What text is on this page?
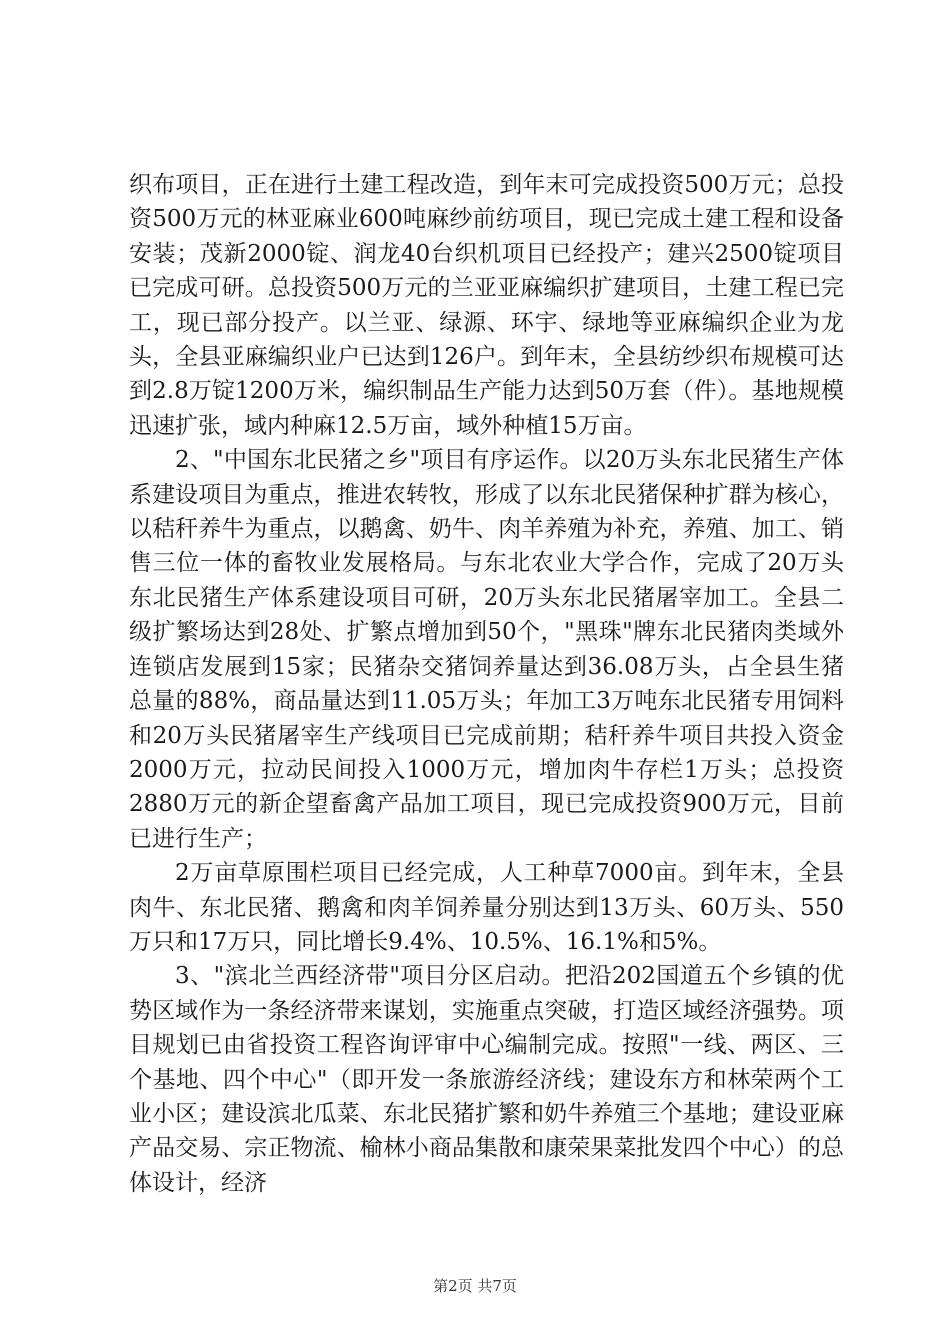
织布项目，正在进行土建工程改造，到年末可完成投资500万元；总投资500万元的林亚麻业600吨麻纱前纺项目，现已完成土建工程和设备安装；茂新2000锭、润龙40台织机项目已经投产；建兴2500锭项目已完成可研。总投资500万元的兰亚亚麻编织扩建项目，土建工程已完工，现已部分投产。以兰亚、绿源、环宇、绿地等亚麻编织企业为龙头，全县亚麻编织业户已达到126户。到年末，全县纺纱织布规模可达到2.8万锭1200万米，编织制品生产能力达到50万套（件）。基地规模迅速扩张，域内种麻12.5万亩，域外种植15万亩。

2、"中国东北民猪之乡"项目有序运作。以20万头东北民猪生产体系建设项目为重点，推进农转牧，形成了以东北民猪保种扩群为核心，以秸秆养牛为重点，以鹅禽、奶牛、肉羊养殖为补充，养殖、加工、销售三位一体的畜牧业发展格局。与东北农业大学合作，完成了20万头东北民猪生产体系建设项目可研，20万头东北民猪屠宰加工。全县二级扩繁场达到28处、扩繁点增加到50个，"黑珠"牌东北民猪肉类域外连锁店发展到15家；民猪杂交猪饲养量达到36.08万头，占全县生猪总量的88%，商品量达到11.05万头；年加工3万吨东北民猪专用饲料和20万头民猪屠宰生产线项目已完成前期；秸秆养牛项目共投入资金2000万元，拉动民间投入1000万元，增加肉牛存栏1万头；总投资2880万元的新企望畜禽产品加工项目，现已完成投资900万元，目前已进行生产；

2万亩草原围栏项目已经完成，人工种草7000亩。到年末，全县肉牛、东北民猪、鹅禽和肉羊饲养量分别达到13万头、60万头、550万只和17万只，同比增长9.4%、10.5%、16.1%和5%。

3、"滨北兰西经济带"项目分区启动。把沿202国道五个乡镇的优势区域作为一条经济带来谋划，实施重点突破，打造区域经济强势。项目规划已由省投资工程咨询评审中心编制完成。按照"一线、两区、三个基地、四个中心"（即开发一条旅游经济线；建设东方和林荣两个工业小区；建设滨北瓜菜、东北民猪扩繁和奶牛养殖三个基地；建设亚麻产品交易、宗正物流、榆林小商品集散和康荣果菜批发四个中心）的总体设计，经济

第2页 共7页
